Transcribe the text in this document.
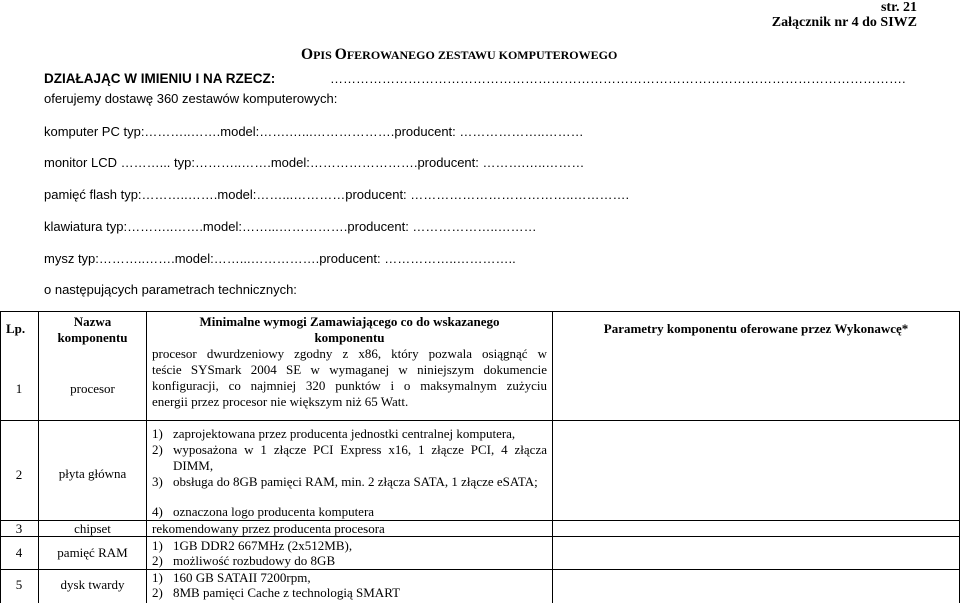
str. 21
Załącznik nr 4 do SIWZ
OPIS OFEROWANEGO ZESTAWU KOMPUTEROWEGO
DZIAŁAJĄC W IMIENIU I NA RZECZ:	…………………………………………………………………………………………………………………….
oferujemy dostawę 360 zestawów komputerowych:
komputer PC typ:………..…….model:…….…...……………….producent: ………………..………
monitor LCD ………... typ:………..…….model:…………………….producent: ……….…..………
pamięć flash typ:………..…….model:……...…………producent: ………………………………..………….
klawiatura typ:………..…….model:……...…………….producent: ………………..………
mysz typ:………..…….model:……...…………….producent: ……………..…………..
o następujących parametrach technicznych:
Lp.	Nazwa
komponentu
Minimalne wymogi Zamawiającego co do wskazanego
komponentu
Parametry komponentu oferowane przez Wykonawcę*
1	procesor
procesor dwurdzeniowy zgodny z x86, który pozwala osiągnąć w
teście SYSmark 2004 SE w wymaganej w niniejszym dokumencie
konfiguracji, co najmniej 320 punktów i o maksymalnym zużyciu
energii przez procesor nie większym niż 65 Watt.
2	płyta główna
1) zaprojektowana przez producenta jednostki centralnej komputera,
2) wyposażona w 1 złącze PCI Express x16, 1 złącze PCI, 4 złącza DIMM,
3) obsługa do 8GB pamięci RAM, min. 2 złącza SATA, 1 złącze eSATA;
4) oznaczona logo producenta komputera
3	chipset	rekomendowany przez producenta procesora
4	pamięć RAM	1) 1GB DDR2 667MHz (2x512MB),
2) możliwość rozbudowy do 8GB
5	dysk twardy	1) 160 GB SATAII 7200rpm,
2) 8MB pamięci Cache z technologią SMART
